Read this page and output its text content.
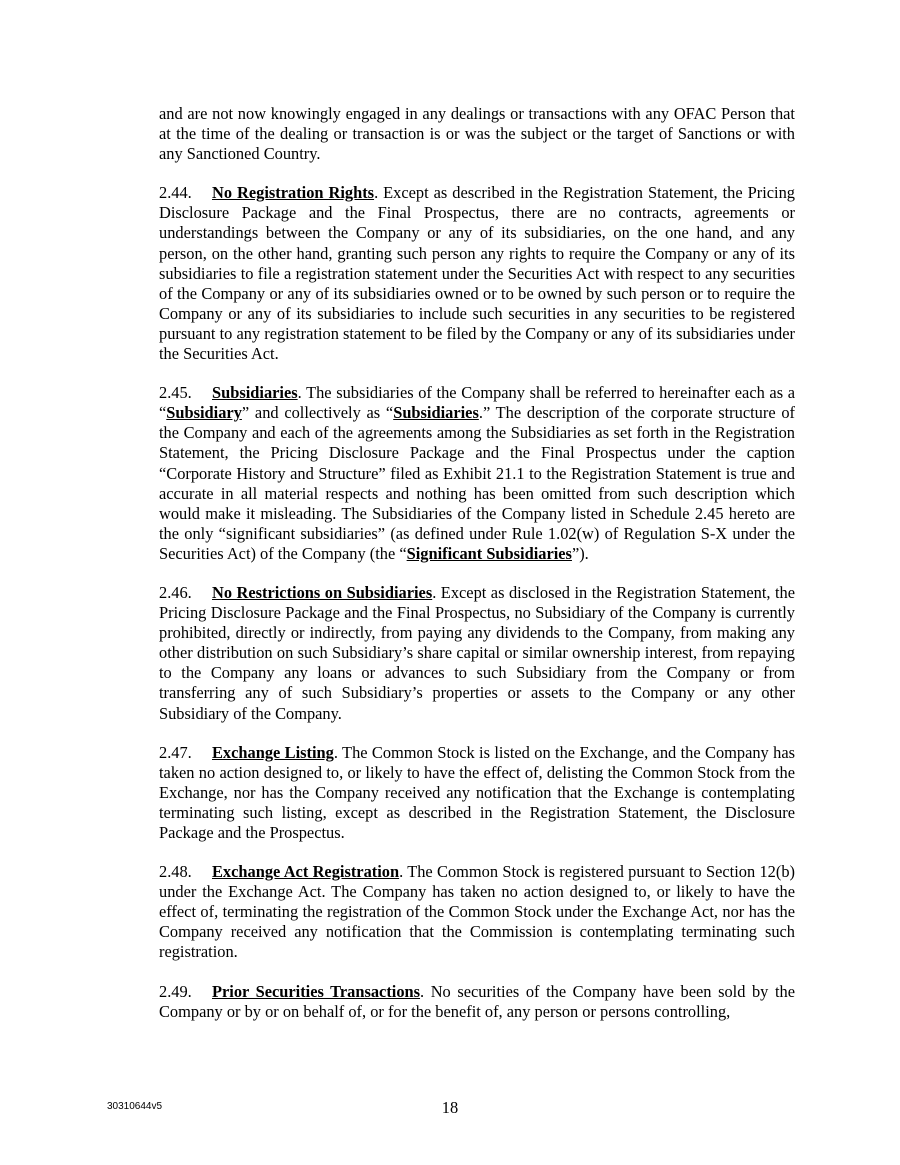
and are not now knowingly engaged in any dealings or transactions with any OFAC Person that at the time of the dealing or transaction is or was the subject or the target of Sanctions or with any Sanctioned Country.

2.44. No Registration Rights. Except as described in the Registration Statement, the Pricing Disclosure Package and the Final Prospectus, there are no contracts, agreements or understandings between the Company or any of its subsidiaries, on the one hand, and any person, on the other hand, granting such person any rights to require the Company or any of its subsidiaries to file a registration statement under the Securities Act with respect to any securities of the Company or any of its subsidiaries owned or to be owned by such person or to require the Company or any of its subsidiaries to include such securities in any securities to be registered pursuant to any registration statement to be filed by the Company or any of its subsidiaries under the Securities Act.

2.45. Subsidiaries. The subsidiaries of the Company shall be referred to hereinafter each as a “Subsidiary” and collectively as “Subsidiaries.” The description of the corporate structure of the Company and each of the agreements among the Subsidiaries as set forth in the Registration Statement, the Pricing Disclosure Package and the Final Prospectus under the caption “Corporate History and Structure” filed as Exhibit 21.1 to the Registration Statement is true and accurate in all material respects and nothing has been omitted from such description which would make it misleading. The Subsidiaries of the Company listed in Schedule 2.45 hereto are the only “significant subsidiaries” (as defined under Rule 1.02(w) of Regulation S-X under the Securities Act) of the Company (the “Significant Subsidiaries”).

2.46. No Restrictions on Subsidiaries. Except as disclosed in the Registration Statement, the Pricing Disclosure Package and the Final Prospectus, no Subsidiary of the Company is currently prohibited, directly or indirectly, from paying any dividends to the Company, from making any other distribution on such Subsidiary’s share capital or similar ownership interest, from repaying to the Company any loans or advances to such Subsidiary from the Company or from transferring any of such Subsidiary’s properties or assets to the Company or any other Subsidiary of the Company.

2.47. Exchange Listing. The Common Stock is listed on the Exchange, and the Company has taken no action designed to, or likely to have the effect of, delisting the Common Stock from the Exchange, nor has the Company received any notification that the Exchange is contemplating terminating such listing, except as described in the Registration Statement, the Disclosure Package and the Prospectus.

2.48. Exchange Act Registration. The Common Stock is registered pursuant to Section 12(b) under the Exchange Act. The Company has taken no action designed to, or likely to have the effect of, terminating the registration of the Common Stock under the Exchange Act, nor has the Company received any notification that the Commission is contemplating terminating such registration.

2.49. Prior Securities Transactions. No securities of the Company have been sold by the Company or by or on behalf of, or for the benefit of, any person or persons controlling,

30310644v5	18
